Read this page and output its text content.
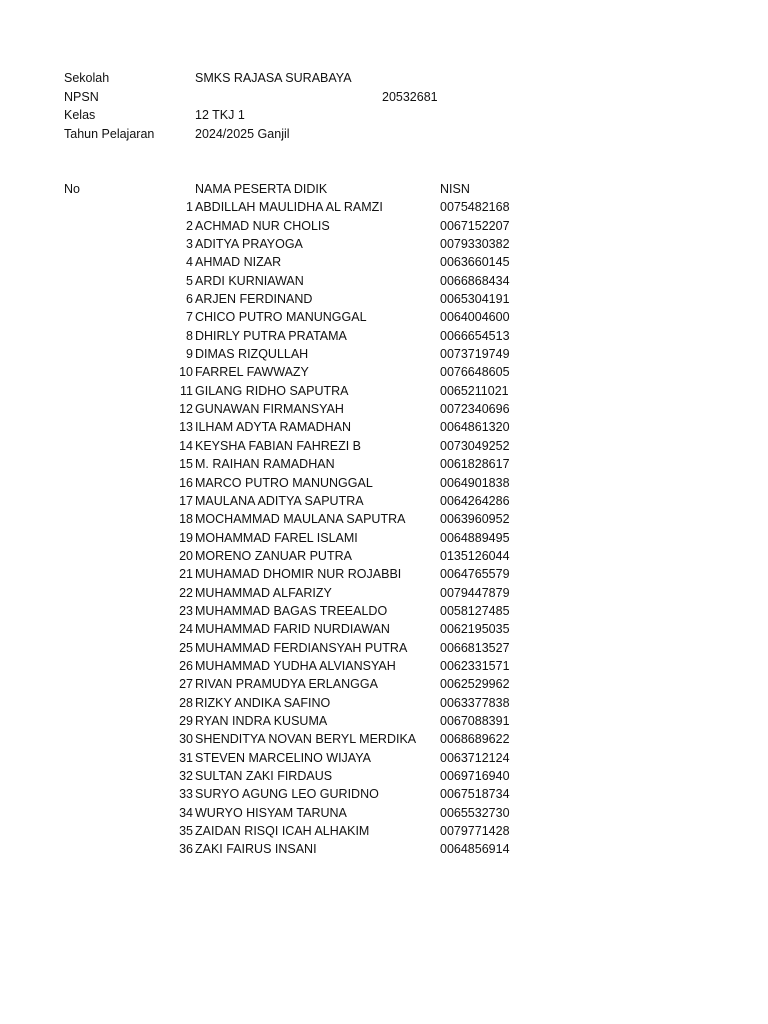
Sekolah	SMKS RAJASA SURABAYA
NPSN	20532681
Kelas	12 TKJ 1
Tahun Pelajaran	2024/2025 Ganjil
No	NAMA PESERTA DIDIK	NISN
1 ABDILLAH MAULIDHA AL RAMZI	0075482168
2 ACHMAD NUR CHOLIS	0067152207
3 ADITYA PRAYOGA	0079330382
4 AHMAD NIZAR	0063660145
5 ARDI KURNIAWAN	0066868434
6 ARJEN FERDINAND	0065304191
7 CHICO PUTRO MANUNGGAL	0064004600
8 DHIRLY PUTRA PRATAMA	0066654513
9 DIMAS RIZQULLAH	0073719749
10 FARREL FAWWAZY	0076648605
11 GILANG RIDHO SAPUTRA	0065211021
12 GUNAWAN FIRMANSYAH	0072340696
13 ILHAM ADYTA RAMADHAN	0064861320
14 KEYSHA FABIAN FAHREZI B	0073049252
15 M. RAIHAN RAMADHAN	0061828617
16 MARCO PUTRO MANUNGGAL	0064901838
17 MAULANA ADITYA SAPUTRA	0064264286
18 MOCHAMMAD MAULANA SAPUTRA	0063960952
19 MOHAMMAD FAREL ISLAMI	0064889495
20 MORENO ZANUAR PUTRA	0135126044
21 MUHAMAD DHOMIR NUR ROJABBI	0064765579
22 MUHAMMAD ALFARIZY	0079447879
23 MUHAMMAD BAGAS TREEALDO	0058127485
24 MUHAMMAD FARID NURDIAWAN	0062195035
25 MUHAMMAD FERDIANSYAH PUTRA	0066813527
26 MUHAMMAD YUDHA ALVIANSYAH	0062331571
27 RIVAN PRAMUDYA ERLANGGA	0062529962
28 RIZKY ANDIKA SAFINO	0063377838
29 RYAN INDRA KUSUMA	0067088391
30 SHENDITYA NOVAN BERYL MERDIKA 0068689622
31 STEVEN MARCELINO WIJAYA	0063712124
32 SULTAN ZAKI FIRDAUS	0069716940
33 SURYO AGUNG LEO GURIDNO	0067518734
34 WURYO HISYAM TARUNA	0065532730
35 ZAIDAN RISQI ICAH ALHAKIM	0079771428
36 ZAKI FAIRUS INSANI	0064856914
